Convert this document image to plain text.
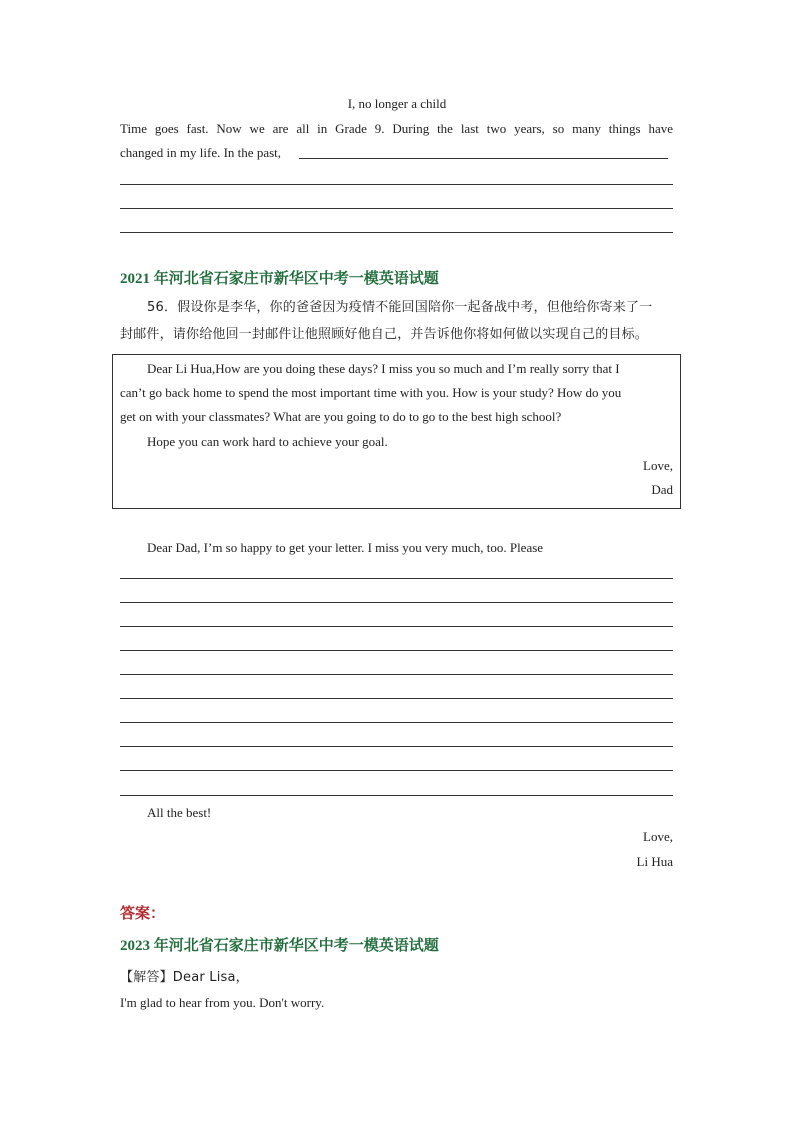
I, no longer a child
Time goes fast. Now we are all in Grade 9. During the last two years, so many things have
changed in my life. In the past,
2021 年河北省石家庄市新华区中考一模英语试题
56．假设你是李华，你的爸爸因为疫情不能回国陪你一起备战中考，但他给你寄来了一
封邮件，请你给他回一封邮件让他照顾好他自己，并告诉他你将如何做以实现自己的目标。
Dear Li Hua,How are you doing these days? I miss you so much and I’m really sorry that I
can’t go back home to spend the most important time with you. How is your study? How do you
get on with your classmates? What are you going to do to go to the best high school?
Hope you can work hard to achieve your goal.
Love,
Dad
Dear Dad, I’m so happy to get your letter. I miss you very much, too. Please
All the best!
Love,
Li Hua
答案：
2023 年河北省石家庄市新华区中考一模英语试题
【解答】Dear Lisa，
I'm glad to hear from you. Don't worry.
